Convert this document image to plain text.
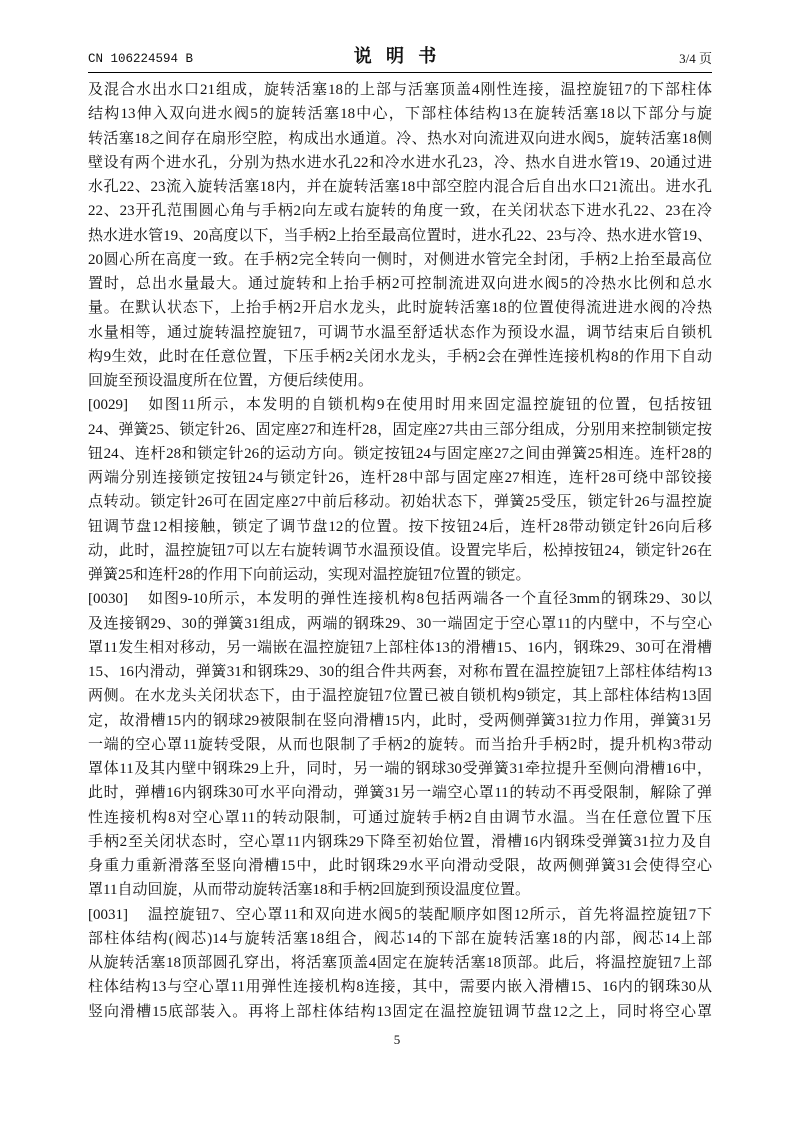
CN 106224594 B	说 明 书	3/4 页
及混合水出水口21组成，旋转活塞18的上部与活塞顶盖4刚性连接，温控旋钮7的下部柱体
结构13伸入双向进水阀5的旋转活塞18中心，下部柱体结构13在旋转活塞18以下部分与旋
转活塞18之间存在扇形空腔，构成出水通道。冷、热水对向流进双向进水阀5，旋转活塞18侧
壁设有两个进水孔，分别为热水进水孔22和冷水进水孔23，冷、热水自进水管19、20通过进
水孔22、23流入旋转活塞18内，并在旋转活塞18中部空腔内混合后自出水口21流出。进水孔
22、23开孔范围圆心角与手柄2向左或右旋转的角度一致，在关闭状态下进水孔22、23在冷
热水进水管19、20高度以下，当手柄2上抬至最高位置时，进水孔22、23与冷、热水进水管19、
20圆心所在高度一致。在手柄2完全转向一侧时，对侧进水管完全封闭，手柄2上抬至最高位
置时，总出水量最大。通过旋转和上抬手柄2可控制流进双向进水阀5的冷热水比例和总水
量。在默认状态下，上抬手柄2开启水龙头，此时旋转活塞18的位置使得流进进水阀的冷热
水量相等，通过旋转温控旋钮7，可调节水温至舒适状态作为预设水温，调节结束后自锁机
构9生效，此时在任意位置，下压手柄2关闭水龙头，手柄2会在弹性连接机构8的作用下自动
回旋至预设温度所在位置，方便后续使用。
[0029] 如图11所示，本发明的自锁机构9在使用时用来固定温控旋钮的位置，包括按钮
24、弹簧25、锁定针26、固定座27和连杆28，固定座27共由三部分组成，分别用来控制锁定按
钮24、连杆28和锁定针26的运动方向。锁定按钮24与固定座27之间由弹簧25相连。连杆28的
两端分别连接锁定按钮24与锁定针26，连杆28中部与固定座27相连，连杆28可绕中部铰接
点转动。锁定针26可在固定座27中前后移动。初始状态下，弹簧25受压，锁定针26与温控旋
钮调节盘12相接触，锁定了调节盘12的位置。按下按钮24后，连杆28带动锁定针26向后移
动，此时，温控旋钮7可以左右旋转调节水温预设值。设置完毕后，松掉按钮24，锁定针26在
弹簧25和连杆28的作用下向前运动，实现对温控旋钮7位置的锁定。
[0030] 如图9-10所示，本发明的弹性连接机构8包括两端各一个直径3mm的钢珠29、30以
及连接钢29、30的弹簧31组成，两端的钢珠29、30一端固定于空心罩11的内壁中，不与空心
罩11发生相对移动，另一端嵌在温控旋钮7上部柱体13的滑槽15、16内，钢珠29、30可在滑槽
15、16内滑动，弹簧31和钢珠29、30的组合件共两套，对称布置在温控旋钮7上部柱体结构13
两侧。在水龙头关闭状态下，由于温控旋钮7位置已被自锁机构9锁定，其上部柱体结构13固
定，故滑槽15内的钢球29被限制在竖向滑槽15内，此时，受两侧弹簧31拉力作用，弹簧31另
一端的空心罩11旋转受限，从而也限制了手柄2的旋转。而当抬升手柄2时，提升机构3带动
罩体11及其内壁中钢珠29上升，同时，另一端的钢球30受弹簧31牵拉提升至侧向滑槽16中，
此时，弹槽16内钢珠30可水平向滑动，弹簧31另一端空心罩11的转动不再受限制，解除了弹
性连接机构8对空心罩11的转动限制，可通过旋转手柄2自由调节水温。当在任意位置下压
手柄2至关闭状态时，空心罩11内钢珠29下降至初始位置，滑槽16内钢珠受弹簧31拉力及自
身重力重新滑落至竖向滑槽15中，此时钢珠29水平向滑动受限，故两侧弹簧31会使得空心
罩11自动回旋，从而带动旋转活塞18和手柄2回旋到预设温度位置。
[0031] 温控旋钮7、空心罩11和双向进水阀5的装配顺序如图12所示，首先将温控旋钮7下
部柱体结构(阀芯)14与旋转活塞18组合，阀芯14的下部在旋转活塞18的内部，阀芯14上部
从旋转活塞18顶部圆孔穿出，将活塞顶盖4固定在旋转活塞18顶部。此后，将温控旋钮7上部
柱体结构13与空心罩11用弹性连接机构8连接，其中，需要内嵌入滑槽15、16内的钢珠30从
竖向滑槽15底部装入。再将上部柱体结构13固定在温控旋钮调节盘12之上，同时将空心罩
5
